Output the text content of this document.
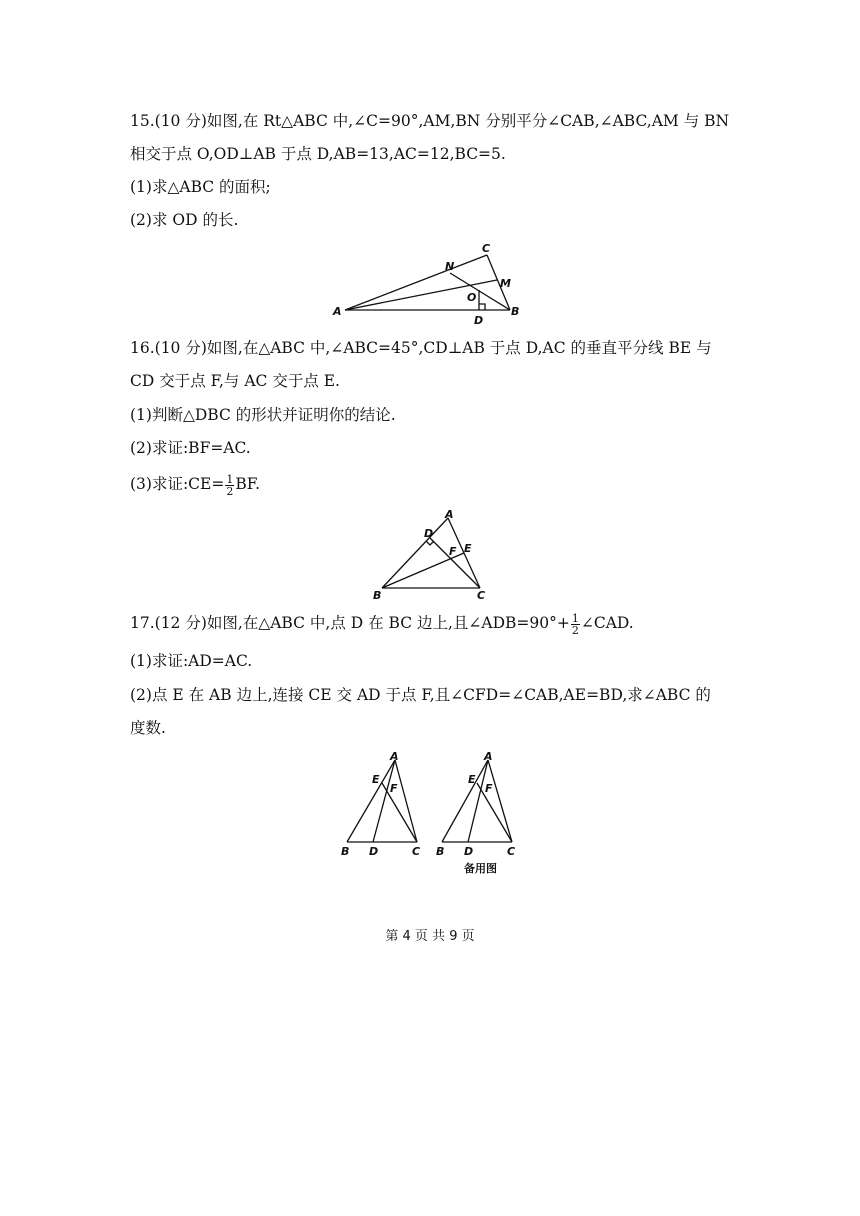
15.(10 分)如图,在 Rt△ABC 中,∠C=90°,AM,BN 分别平分∠CAB,∠ABC,AM 与 BN
相交于点 O,OD⊥AB 于点 D,AB=13,AC=12,BC=5.
(1)求△ABC 的面积;
(2)求 OD 的长.
A	B
C
D
M
N
O
16.(10 分)如图,在△ABC 中,∠ABC=45°,CD⊥AB 于点 D,AC 的垂直平分线 BE 与
CD 交于点 F,与 AC 交于点 E.
(1)判断△DBC 的形状并证明你的结论.
(2)求证:BF=AC.
(3)求证:CE= $\frac{1}{2}$ BF.
A
B	C
D
E
F
17.(12 分)如图,在△ABC 中,点 D 在 BC 边上,且∠ADB=90°+ $\frac{1}{2}$ ∠CAD.
(1)求证:AD=AC.
(2)点 E 在 AB 边上,连接 CE 交 AD 于点 F,且∠CFD=∠CAB,AE=BD,求∠ABC 的
度数.
A
B D	C
E
F
A
B D	C
E
F
备用图
第 4 页 共 9 页
